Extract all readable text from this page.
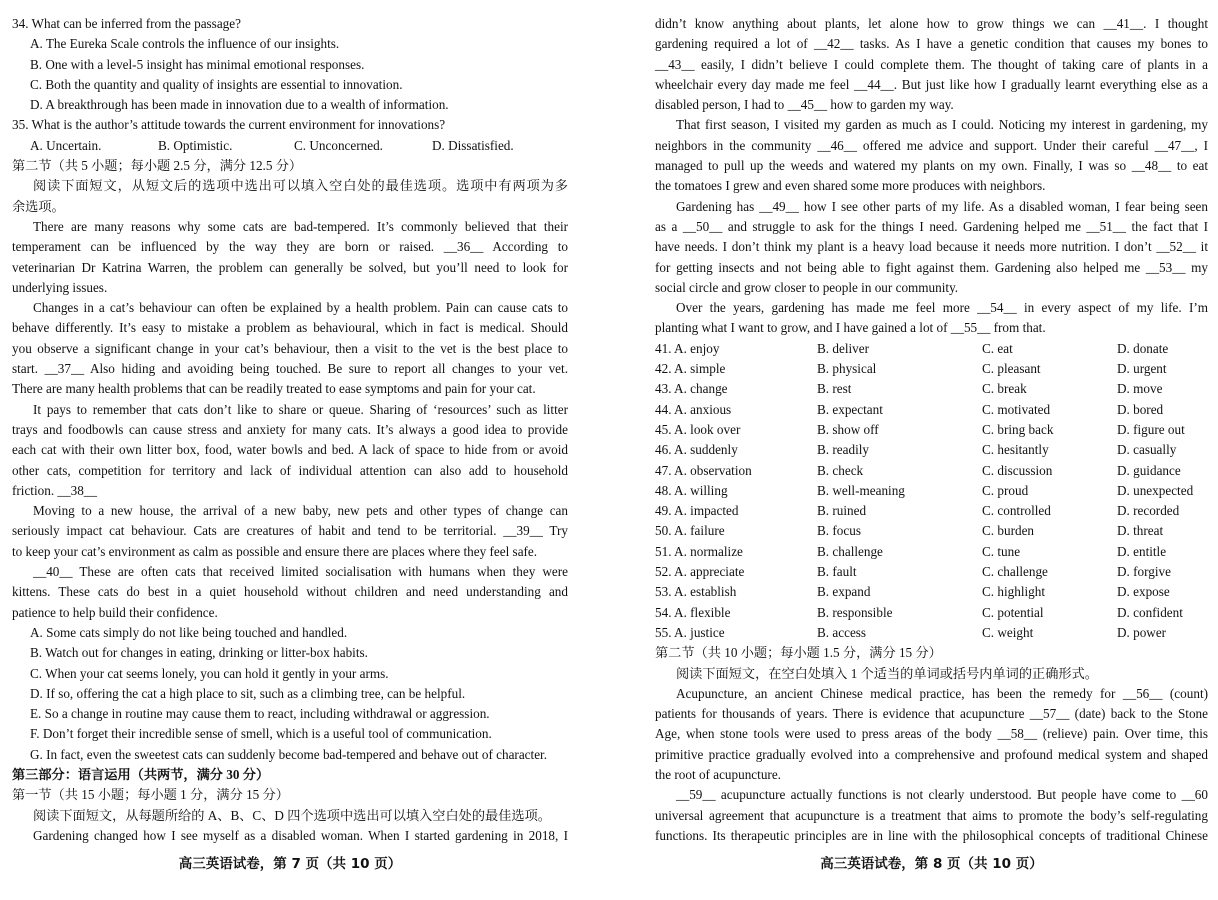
34. What can be inferred from the passage?
A. The Eureka Scale controls the influence of our insights.
B. One with a level-5 insight has minimal emotional responses.
C. Both the quantity and quality of insights are essential to innovation.
D. A breakthrough has been made in innovation due to a wealth of information.
35. What is the author’s attitude towards the current environment for innovations?
A. Uncertain.	B. Optimistic.	C. Unconcerned.	D. Dissatisfied.
第二节（共 5 小题；每小题 2.5 分，满分 12.5 分）
阅读下面短文，从短文后的选项中选出可以填入空白处的最佳选项。选项中有两项为多
余选项。
There are many reasons why some cats are bad-tempered. It’s commonly believed that their
temperament can be influenced by the way they are born or raised. __36__ According to
veterinarian Dr Katrina Warren, the problem can generally be solved, but you’ll need to look for
underlying issues.
Changes in a cat’s behaviour can often be explained by a health problem. Pain can cause cats to
behave differently. It’s easy to mistake a problem as behavioural, which in fact is medical. Should
you observe a significant change in your cat’s behaviour, then a visit to the vet is the best place to
start. __37__ Also hiding and avoiding being touched. Be sure to report all changes to your vet.
There are many health problems that can be readily treated to ease symptoms and pain for your cat.
It pays to remember that cats don’t like to share or queue. Sharing of ‘resources’ such as litter
trays and foodbowls can cause stress and anxiety for many cats. It’s always a good idea to provide
each cat with their own litter box, food, water bowls and bed. A lack of space to hide from or avoid
other cats, competition for territory and lack of individual attention can also add to household
friction. __38__
Moving to a new house, the arrival of a new baby, new pets and other types of change can
seriously impact cat behaviour. Cats are creatures of habit and tend to be territorial. __39__ Try
to keep your cat’s environment as calm as possible and ensure there are places where they feel safe.
__40__ These are often cats that received limited socialisation with humans when they were
kittens. These cats do best in a quiet household without children and need understanding and
patience to help build their confidence.
A. Some cats simply do not like being touched and handled.
B. Watch out for changes in eating, drinking or litter-box habits.
C. When your cat seems lonely, you can hold it gently in your arms.
D. If so, offering the cat a high place to sit, such as a climbing tree, can be helpful.
E. So a change in routine may cause them to react, including withdrawal or aggression.
F. Don’t forget their incredible sense of smell, which is a useful tool of communication.
G. In fact, even the sweetest cats can suddenly become bad-tempered and behave out of character.
第三部分：语言运用（共两节，满分 30 分）
第一节（共 15 小题；每小题 1 分，满分 15 分）
阅读下面短文，从每题所给的 A、B、C、D 四个选项中选出可以填入空白处的最佳选项。
Gardening changed how I see myself as a disabled woman. When I started gardening in 2018, I
高三英语试卷，第 7 页（共 10 页）
didn’t know anything about plants, let alone how to grow things we can __41__. I thought
gardening required a lot of __42__ tasks. As I have a genetic condition that causes my bones to
__43__ easily, I didn’t believe I could complete them. The thought of taking care of plants in a
wheelchair every day made me feel __44__. But just like how I gradually learnt everything else as a
disabled person, I had to __45__ how to garden my way.
That first season, I visited my garden as much as I could. Noticing my interest in gardening, my
neighbors in the community __46__ offered me advice and support. Under their careful __47__, I
managed to pull up the weeds and watered my plants on my own. Finally, I was so __48__ to eat
the tomatoes I grew and even shared some more produces with neighbors.
Gardening has __49__ how I see other parts of my life. As a disabled woman, I fear being seen
as a __50__ and struggle to ask for the things I need. Gardening helped me __51__ the fact that I
have needs. I don’t think my plant is a heavy load because it needs more nutrition. I don’t __52__ it
for getting insects and not being able to fight against them. Gardening also helped me __53__ my
social circle and grow closer to people in our community.
Over the years, gardening has made me feel more __54__ in every aspect of my life. I’m
planting what I want to grow, and I have gained a lot of __55__ from that.
41. A. enjoy	B. deliver	C. eat	D. donate
42. A. simple	B. physical	C. pleasant	D. urgent
43. A. change	B. rest	C. break	D. move
44. A. anxious	B. expectant	C. motivated	D. bored
45. A. look over	B. show off	C. bring back	D. figure out
46. A. suddenly	B. readily	C. hesitantly	D. casually
47. A. observation	B. check	C. discussion	D. guidance
48. A. willing	B. well-meaning	C. proud	D. unexpected
49. A. impacted	B. ruined	C. controlled	D. recorded
50. A. failure	B. focus	C. burden	D. threat
51. A. normalize	B. challenge	C. tune	D. entitle
52. A. appreciate	B. fault	C. challenge	D. forgive
53. A. establish	B. expand	C. highlight	D. expose
54. A. flexible	B. responsible	C. potential	D. confident
55. A. justice	B. access	C. weight	D. power
第二节（共 10 小题；每小题 1.5 分，满分 15 分）
阅读下面短文，在空白处填入 1 个适当的单词或括号内单词的正确形式。
Acupuncture, an ancient Chinese medical practice, has been the remedy for __56__ (count)
patients for thousands of years. There is evidence that acupuncture __57__ (date) back to the Stone
Age, when stone tools were used to press areas of the body __58__ (relieve) pain. Over time, this
primitive practice gradually evolved into a comprehensive and profound medical system and shaped
the root of acupuncture.
__59__ acupuncture actually functions is not clearly understood. But people have come to __60
universal agreement that acupuncture is a treatment that aims to promote the body’s self-regulating
functions. Its therapeutic principles are in line with the philosophical concepts of traditional Chinese
高三英语试卷，第 8 页（共 10 页）
